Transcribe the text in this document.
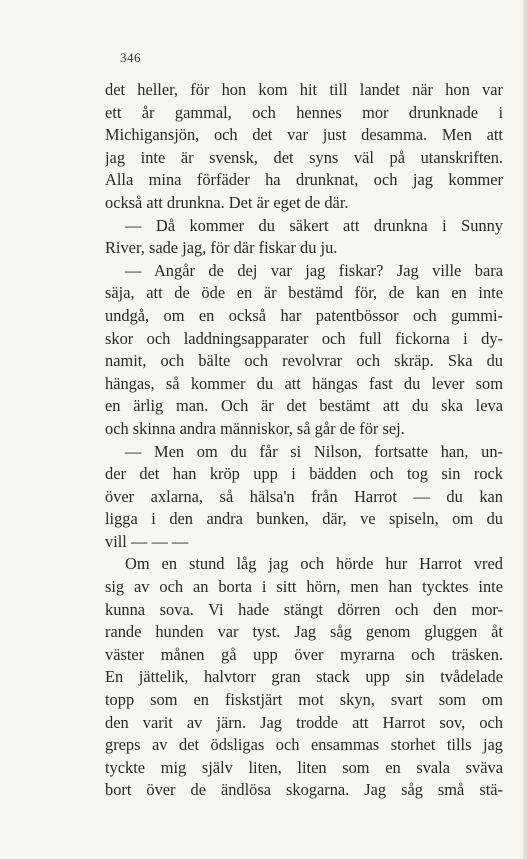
346
det heller, för hon kom hit till landet när hon var
ett år gammal, och hennes mor drunknade i
Michigansjön, och det var just desamma. Men att
jag inte är svensk, det syns väl på utanskriften.
Alla mina förfäder ha drunknat, och jag kommer
också att drunkna. Det är eget de där.
— Då kommer du säkert att drunkna i Sunny
River, sade jag, för där fiskar du ju.
— Angår de dej var jag fiskar? Jag ville bara
säja, att de öde en är bestämd för, de kan en inte
undgå, om en också har patentbössor och gummi-
skor och laddningsapparater och full fickorna i dy-
namit, och bälte och revolvrar och skräp. Ska du
hängas, så kommer du att hängas fast du lever som
en ärlig man. Och är det bestämt att du ska leva
och skinna andra människor, så går de för sej.
— Men om du får si Nilson, fortsatte han, un-
der det han kröp upp i bädden och tog sin rock
över axlarna, så hälsa'n från Harrot — du kan
ligga i den andra bunken, där, ve spiseln, om du
vill — — —
Om en stund låg jag och hörde hur Harrot vred
sig av och an borta i sitt hörn, men han tycktes inte
kunna sova. Vi hade stängt dörren och den mor-
rande hunden var tyst. Jag såg genom gluggen åt
väster månen gå upp över myrarna och träsken.
En jättelik, halvtorr gran stack upp sin tvådelade
topp som en fiskstjärt mot skyn, svart som om
den varit av järn. Jag trodde att Harrot sov, och
greps av det ödsligas och ensammas storhet tills jag
tyckte mig själv liten, liten som en svala sväva
bort över de ändlösa skogarna. Jag såg små stä-
